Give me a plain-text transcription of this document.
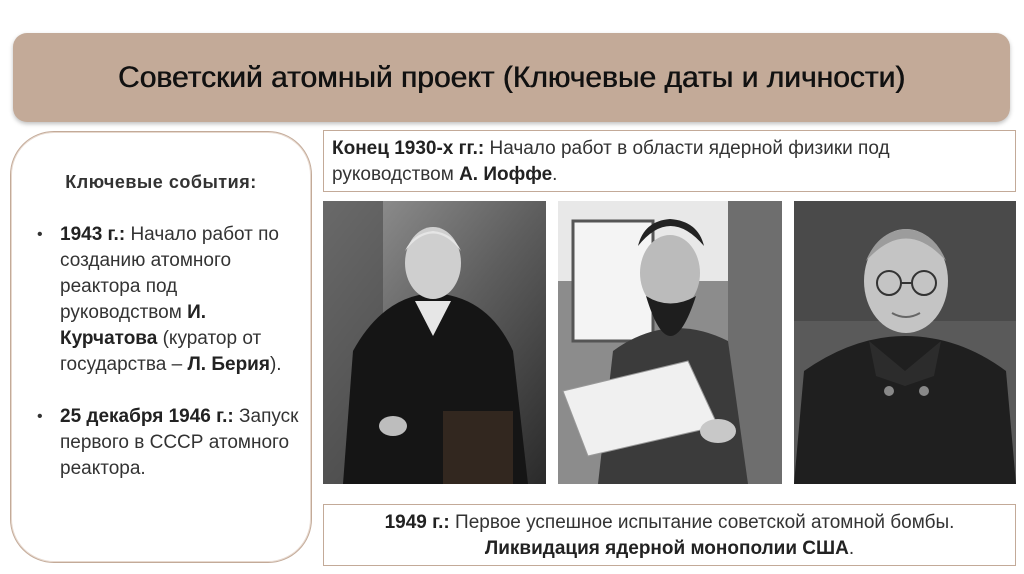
Советский атомный проект (Ключевые даты и личности)
Ключевые события:
• 1943 г.: Начало работ по созданию атомного реактора под руководством И. Курчатова (куратор от государства – Л. Берия).
• 25 декабря 1946 г.: Запуск первого в СССР атомного реактора.
Конец 1930-х гг.: Начало работ в области ядерной физики под руководством А. Иоффе.
1949 г.: Первое успешное испытание советской атомной бомбы. Ликвидация ядерной монополии США.
